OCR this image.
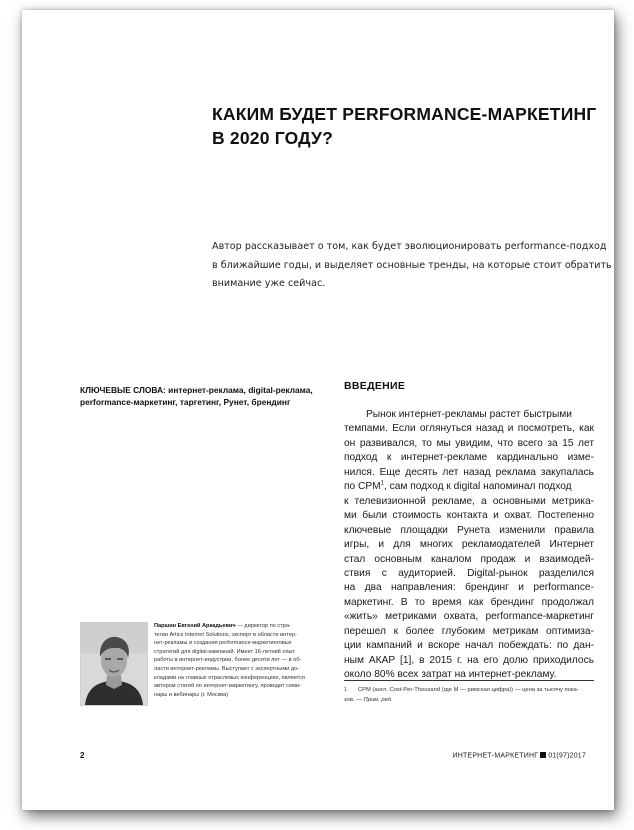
КАКИМ БУДЕТ PERFORMANCE-МАРКЕТИНГ
В 2020 ГОДУ?
Автор рассказывает о том, как будет эволюционировать performance-подход
в ближайшие годы, и выделяет основные тренды, на которые стоит обратить
внимание уже сейчас.
КЛЮЧЕВЫЕ СЛОВА: интернет-реклама, digital-реклама,
performance-маркетинг, таргетинг, Рунет, брендинг
ВВЕДЕНИЕ
Рынок интернет-рекламы растет быстрыми
темпами. Если оглянуться назад и посмотреть, как
он развивался, то мы увидим, что всего за 15 лет
подход к интернет-рекламе кардинально изме-
нился. Еще десять лет назад реклама закупалась
по CPM$^1$, сам подход к digital напоминал подход
к телевизионной рекламе, а основными метрика-
ми были стоимость контакта и охват. Постепенно
ключевые площадки Рунета изменили правила
игры, и для многих рекламодателей Интернет
стал основным каналом продаж и взаимодей-
ствия с аудиторией. Digital-рынок разделился
на два направления: брендинг и performance-
маркетинг. В то время как брендинг продолжал
«жить» метриками охвата, performance-маркетинг
перешел к более глубоким метрикам оптимиза-
ции кампаний и вскоре начал побеждать: по дан-
ным АКАР [1], в 2015 г. на его долю приходилось
около 80% всех затрат на интернет-рекламу.
Паршин Евгений Аркадьевич — директор по стра-
тегии Artics Internet Solutions, эксперт в области интер-
нет-рекламы и создания performance-маркетинговых
стратегий для digital-кампаний. Имеет 16-летний опыт
работы в интернет-индустрии, более десяти лет — в об-
ласти интернет-рекламы. Выступает с экспертными до-
кладами на главных отраслевых конференциях, является
автором статей по интернет-маркетингу, проводит семи-
нары и вебинары (г. Москва)
1 CPM (англ. Cost-Per-Thousand (где M — римская цифра)) — цена за тысячу пока-
зов. — Прим. ред.
2	ИНТЕРНЕТ-МАРКЕТИНГ 01(97)2017
